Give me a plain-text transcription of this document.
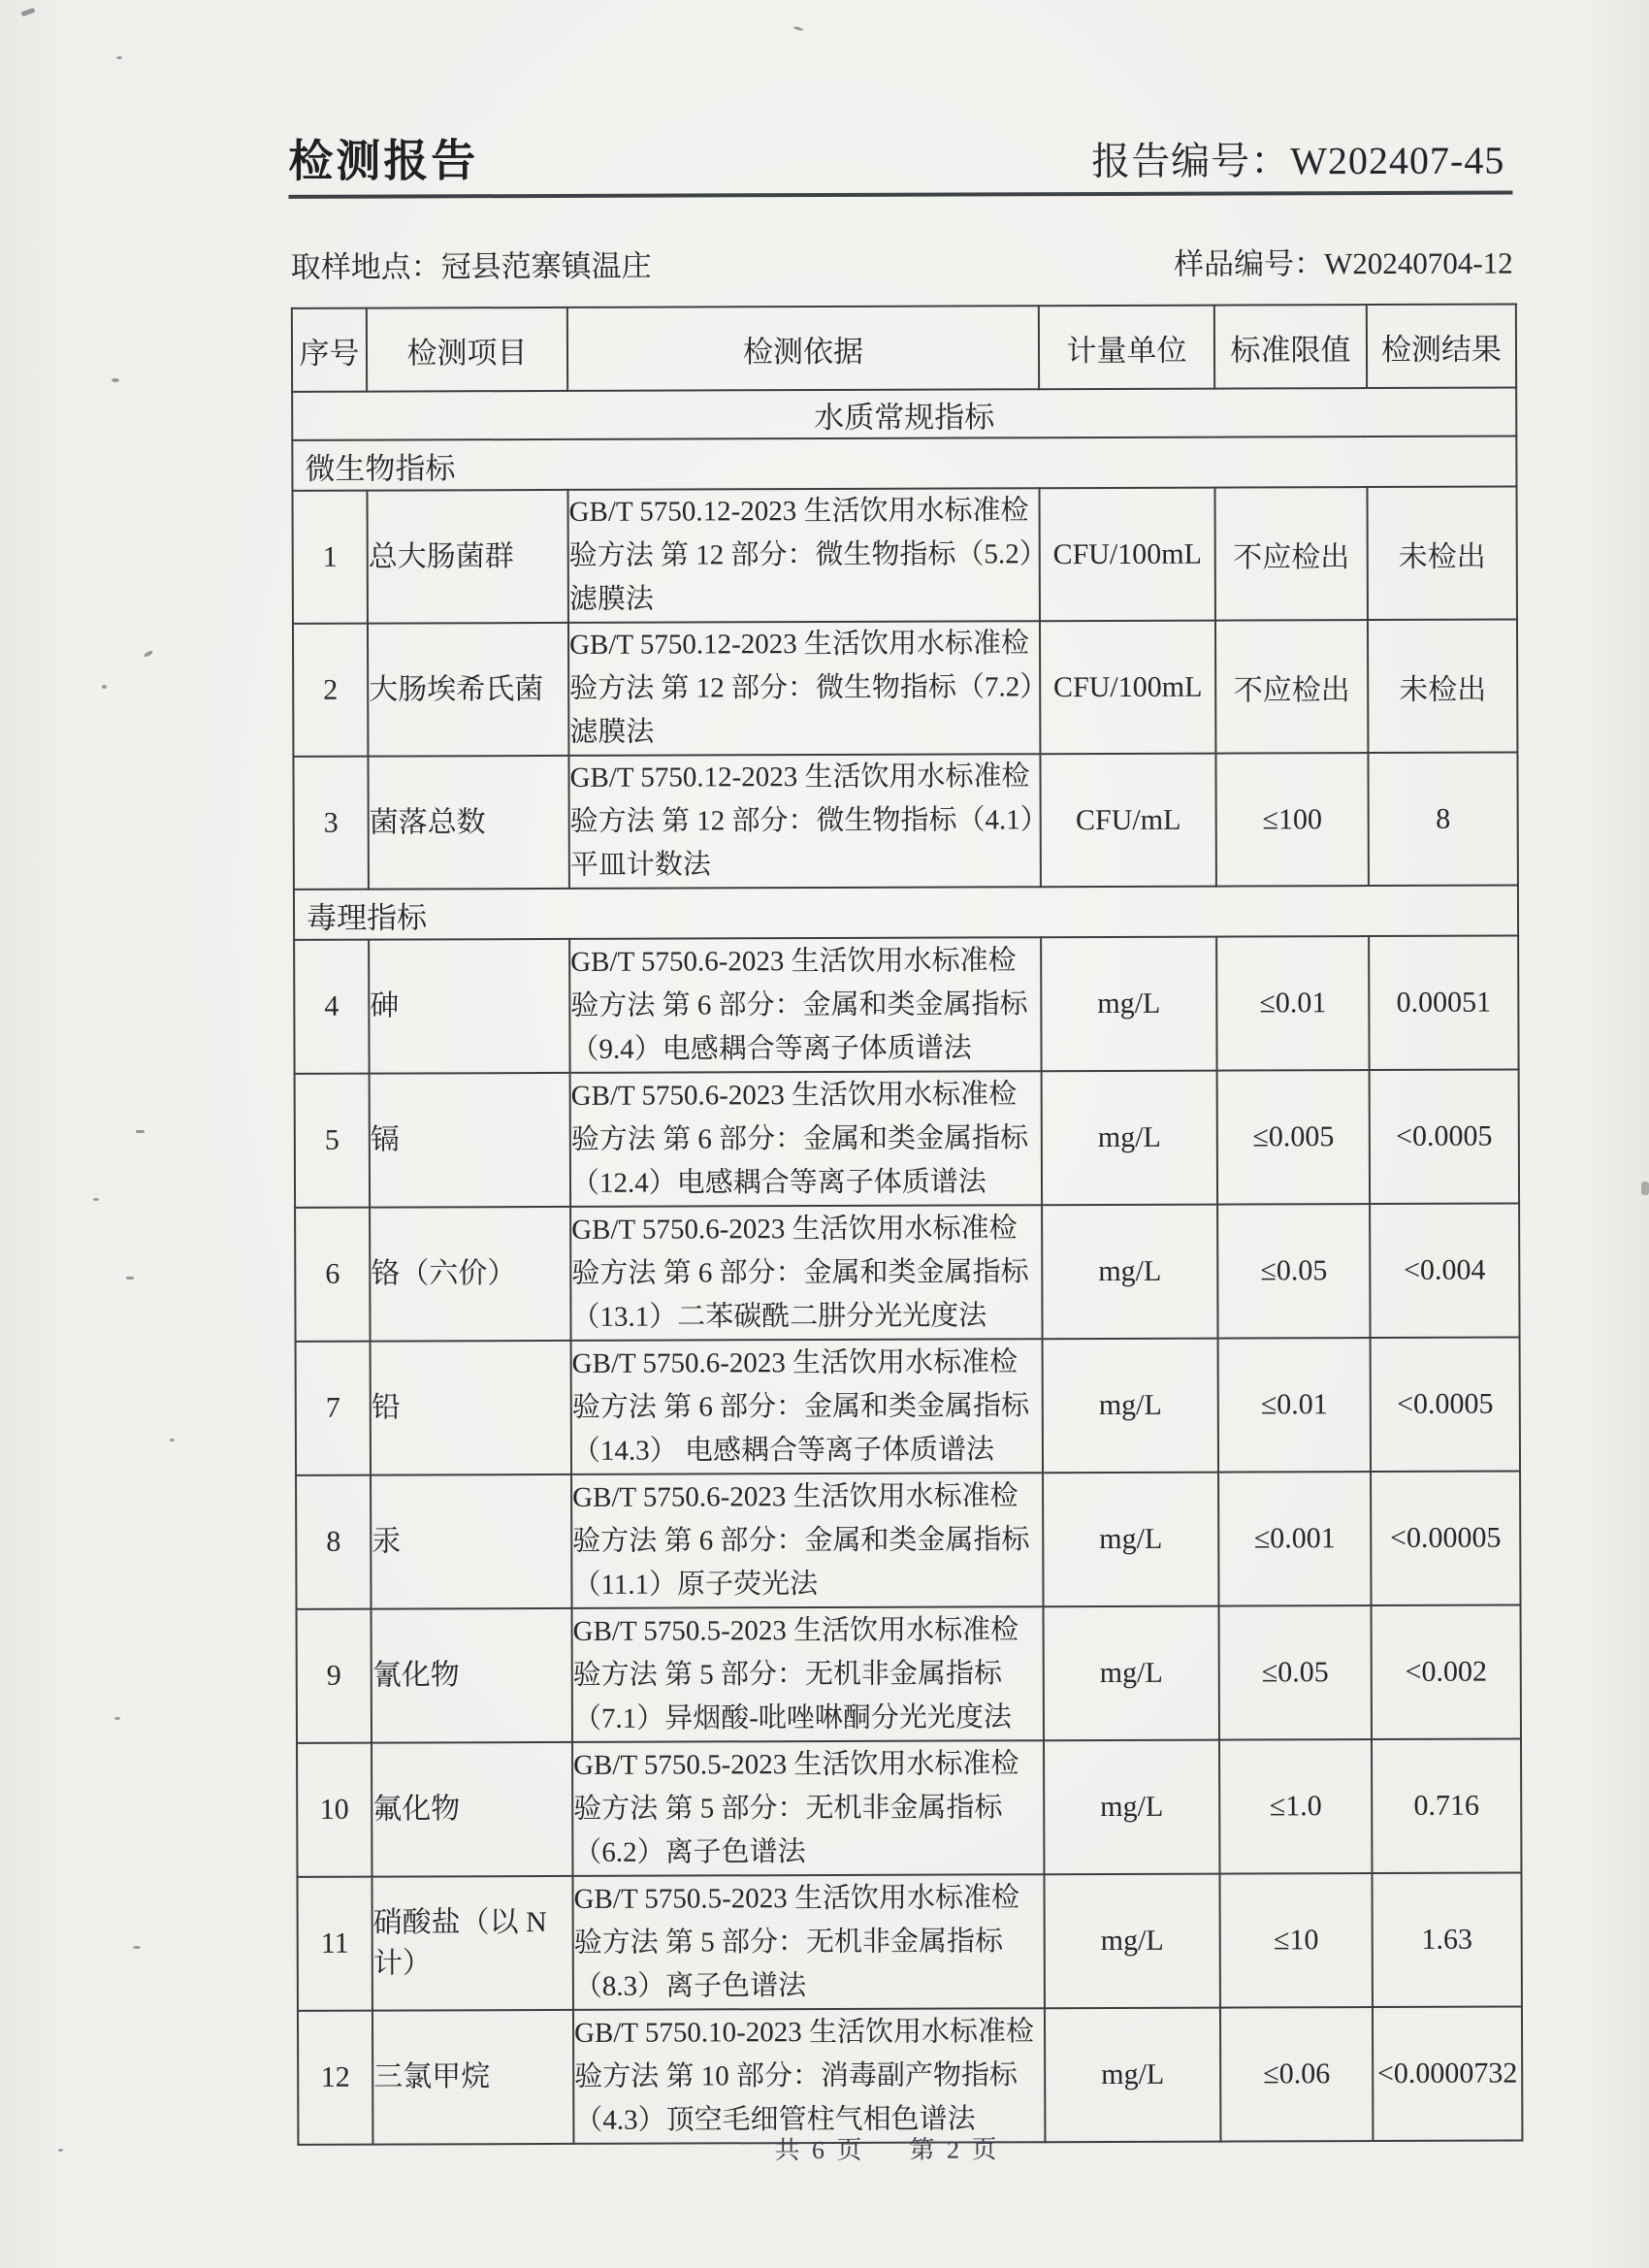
检测报告	报告编号：W202407-45
取样地点：冠县范寨镇温庄	样品编号：W20240704-12
序号	检测项目	检测依据	计量单位	标准限值	检测结果
水质常规指标					
微生物指标					
1	总大肠菌群	GB/T 5750.12-2023 生活饮用水标准检验方法 第 12 部分：微生物指标（5.2）滤膜法	CFU/100mL	不应检出	未检出
2	大肠埃希氏菌	GB/T 5750.12-2023 生活饮用水标准检验方法 第 12 部分：微生物指标（7.2）滤膜法	CFU/100mL	不应检出	未检出
3	菌落总数	GB/T 5750.12-2023 生活饮用水标准检验方法 第 12 部分：微生物指标（4.1）平皿计数法	CFU/mL	≤100	8
毒理指标					
4	砷	GB/T 5750.6-2023 生活饮用水标准检验方法 第 6 部分：金属和类金属指标（9.4）电感耦合等离子体质谱法	mg/L	≤0.01	0.00051
5	镉	GB/T 5750.6-2023 生活饮用水标准检验方法 第 6 部分：金属和类金属指标（12.4）电感耦合等离子体质谱法	mg/L	≤0.005	<0.0005
6	铬（六价）	GB/T 5750.6-2023 生活饮用水标准检验方法 第 6 部分：金属和类金属指标（13.1）二苯碳酰二肼分光光度法	mg/L	≤0.05	<0.004
7	铅	GB/T 5750.6-2023 生活饮用水标准检验方法 第 6 部分：金属和类金属指标（14.3） 电感耦合等离子体质谱法	mg/L	≤0.01	<0.0005
8	汞	GB/T 5750.6-2023 生活饮用水标准检验方法 第 6 部分：金属和类金属指标（11.1）原子荧光法	mg/L	≤0.001	<0.00005
9	氰化物	GB/T 5750.5-2023 生活饮用水标准检验方法 第 5 部分：无机非金属指标（7.1）异烟酸-吡唑啉酮分光光度法	mg/L	≤0.05	<0.002
10	氟化物	GB/T 5750.5-2023 生活饮用水标准检验方法 第 5 部分：无机非金属指标（6.2）离子色谱法	mg/L	≤1.0	0.716
11	硝酸盐（以 N 计）	GB/T 5750.5-2023 生活饮用水标准检验方法 第 5 部分：无机非金属指标（8.3）离子色谱法	mg/L	≤10	1.63
12	三氯甲烷	GB/T 5750.10-2023 生活饮用水标准检验方法 第 10 部分：消毒副产物指标（4.3）顶空毛细管柱气相色谱法	mg/L	≤0.06	<0.0000732
共 6 页 第 2 页
